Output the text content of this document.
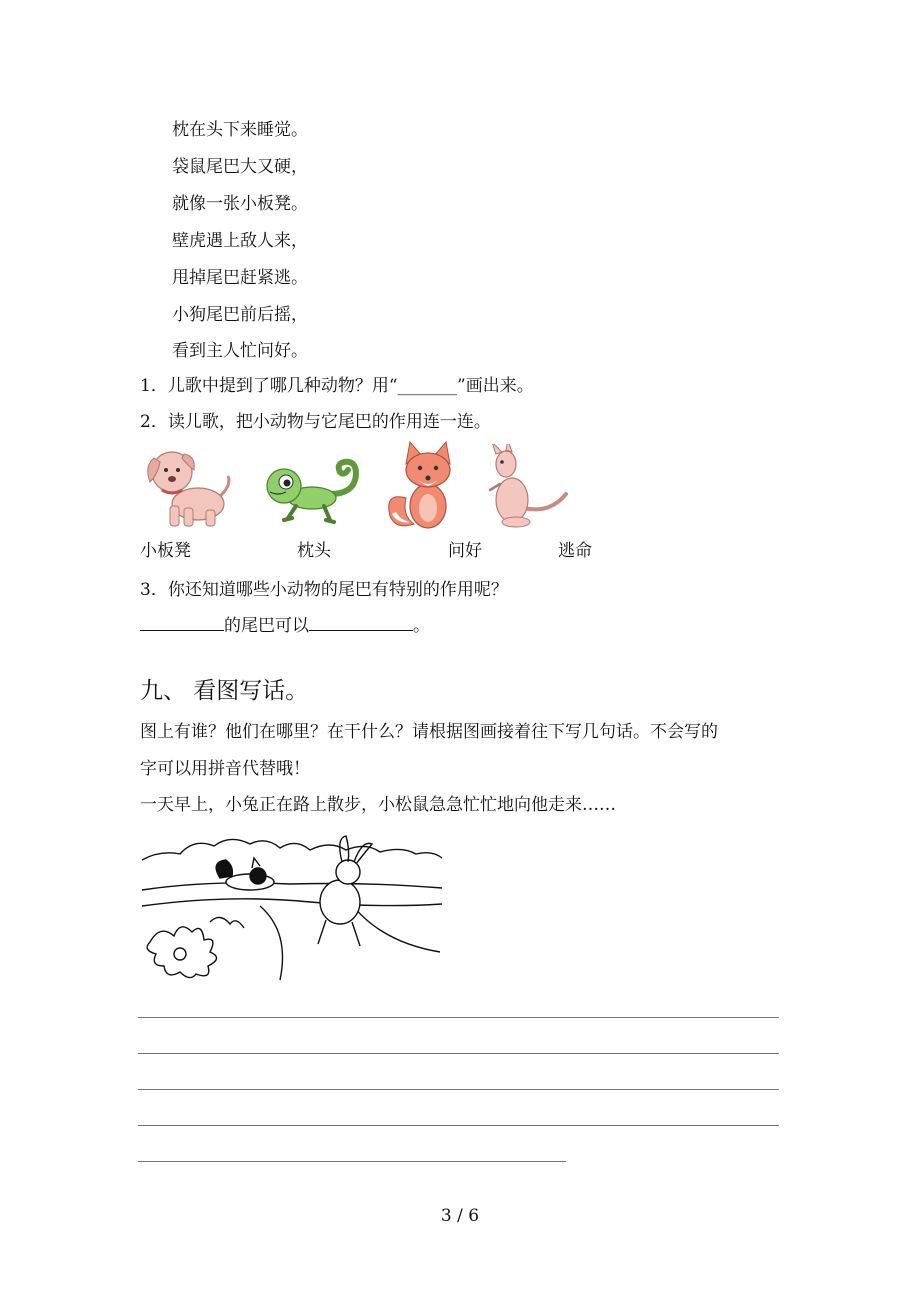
枕在头下来睡觉。
袋鼠尾巴大又硬，
就像一张小板凳。
壁虎遇上敌人来，
甩掉尾巴赶紧逃。
小狗尾巴前后摇，
看到主人忙问好。
1．儿歌中提到了哪几种动物？用“_______”画出来。
2．读儿歌，把小动物与它尾巴的作用连一连。
小板凳	枕头	问好	逃命
3．你还知道哪些小动物的尾巴有特别的作用呢？
的尾巴可以	。
九、 看图写话。
图上有谁？他们在哪里？在干什么？请根据图画接着往下写几句话。不会写的
字可以用拼音代替哦！
一天早上，小兔正在路上散步，小松鼠急急忙忙地向他走来……
3 / 6
